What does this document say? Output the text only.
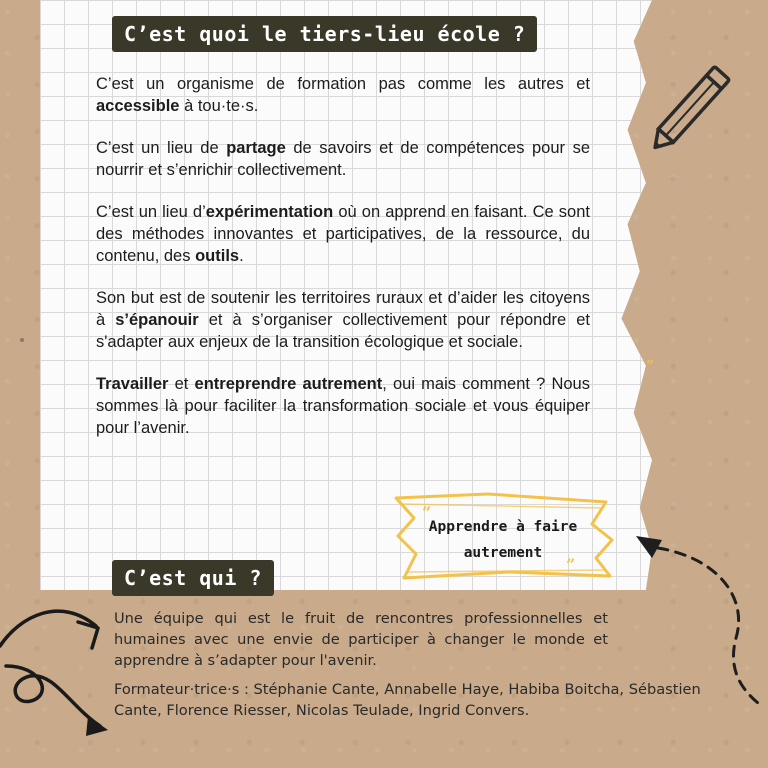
C’est quoi le tiers-lieu école ?

C’est un organisme de formation pas comme les autres et accessible à tou·te·s.

C’est un lieu de partage de savoirs et de compétences pour se nourrir et s’enrichir collectivement.

C’est un lieu d’expérimentation où on apprend en faisant. Ce sont des méthodes innovantes et participatives, de la ressource, du contenu, des outils.

Son but est de soutenir les territoires ruraux et d’aider les citoyens à s’épanouir et à s’organiser collectivement pour répondre et s'adapter aux enjeux de la transition écologique et sociale.

Travailler et entreprendre autrement, oui mais comment ? Nous sommes là pour faciliter la transformation sociale et vous équiper pour l’avenir.

“
”
Apprendre à faire
autrement
C’est qui ?

Une équipe qui est le fruit de rencontres professionnelles et humaines avec une envie de participer à changer le monde et apprendre à s’adapter pour l'avenir.

Formateur·trice·s : Stéphanie Cante, Annabelle Haye, Habiba Boitcha, Sébastien Cante, Florence Riesser, Nicolas Teulade, Ingrid Convers.

“
